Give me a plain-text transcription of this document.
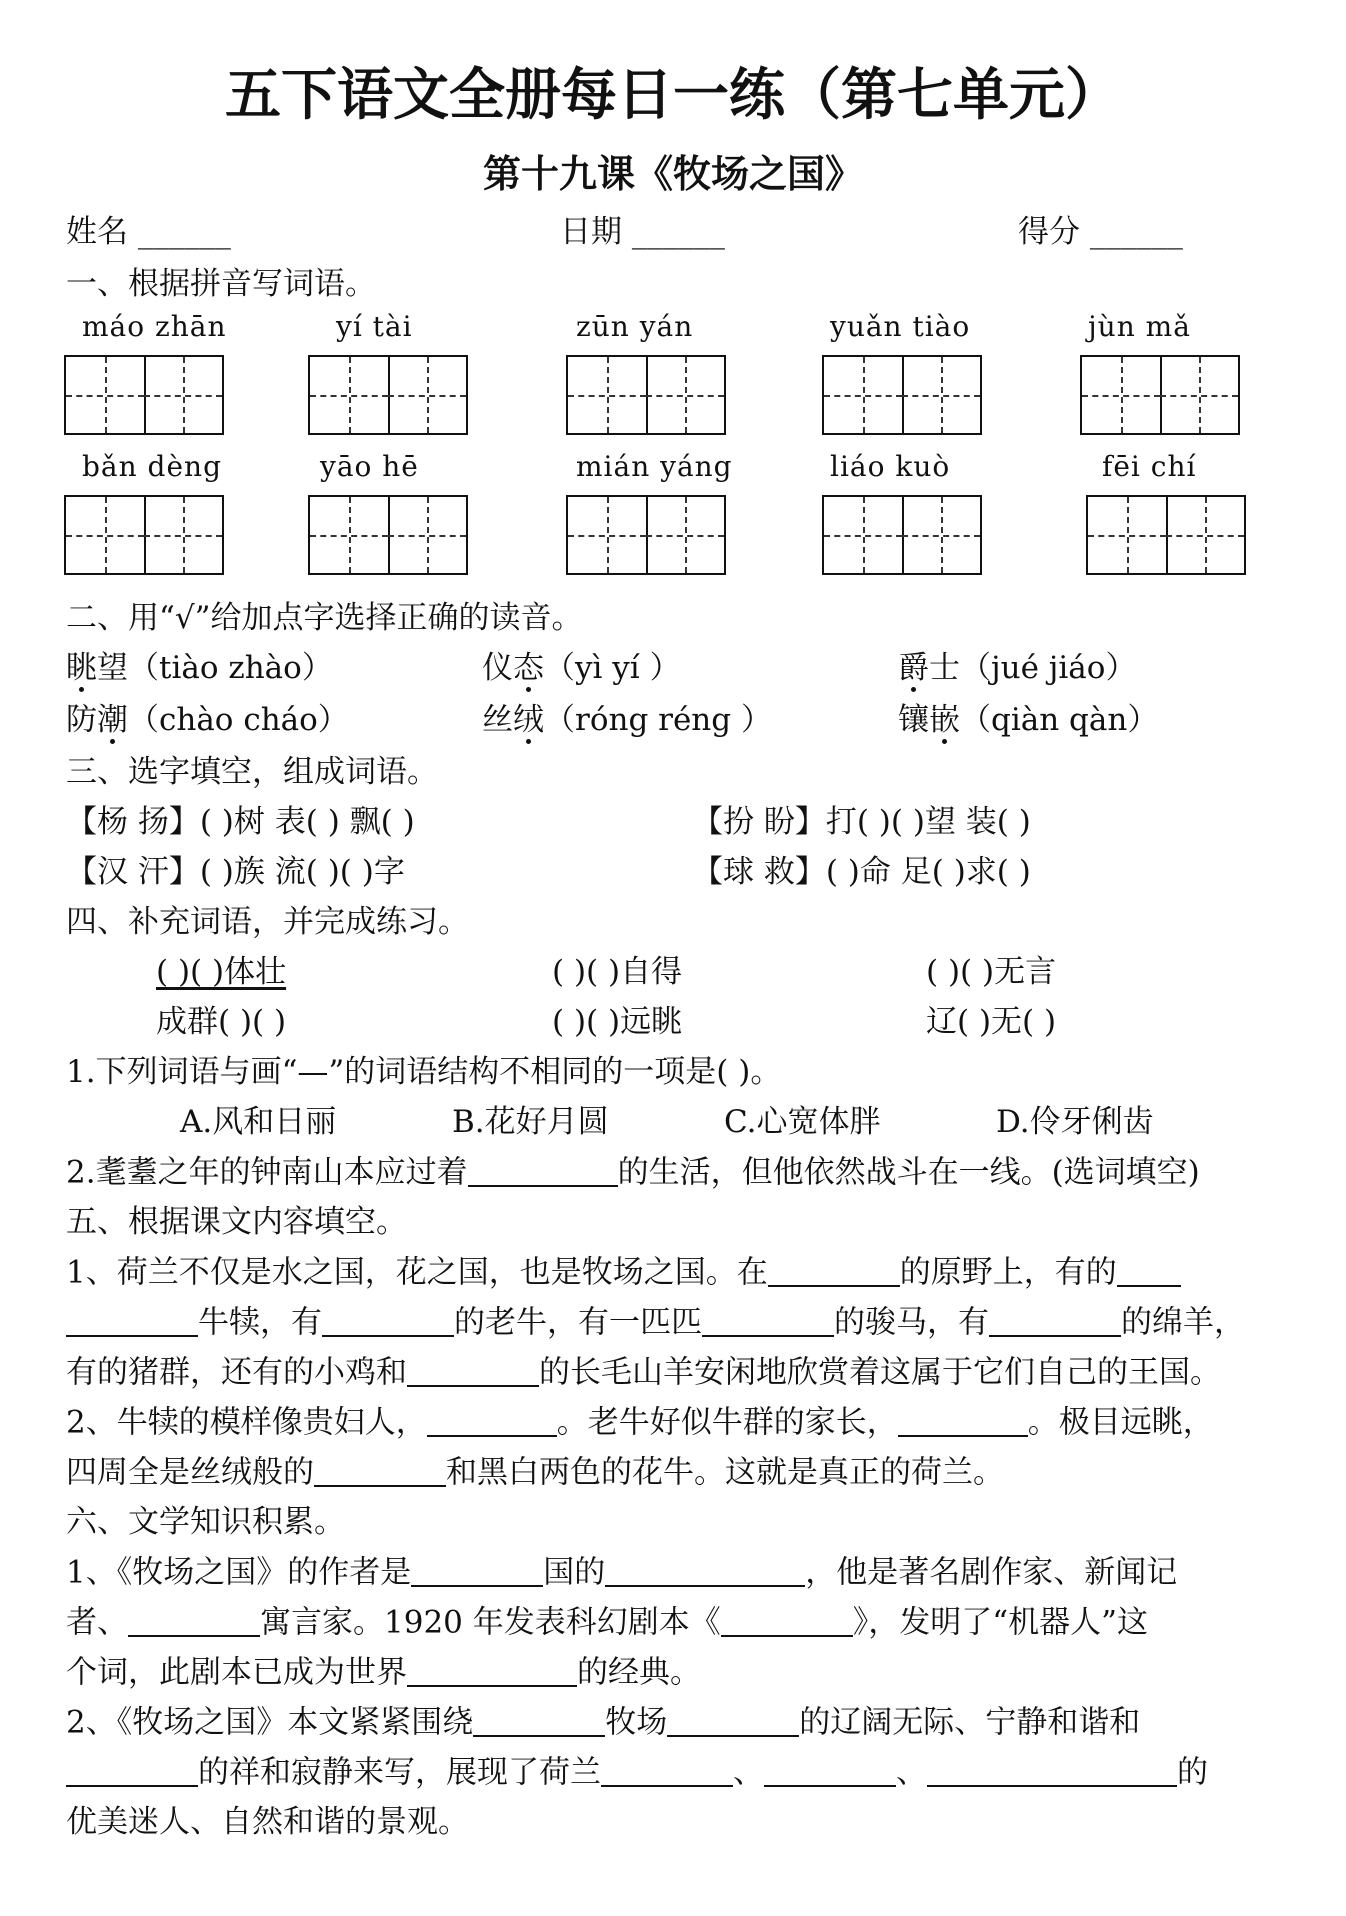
五下语文全册每日一练（第七单元）
第十九课《牧场之国》
姓名 ______	日期 ______	得分 ______
一、根据拼音写词语。
máo zhān	yí tài	zūn yán	yuǎn tiào	jùn mǎ
bǎn dèng	yāo hē	mián yáng	liáo kuò	fēi chí
二、用“√”给加点字选择正确的读音。
眺望（tiào zhào）	仪态（yì yí ）	爵士（jué jiáo）
防潮（chào cháo）	丝绒（róng réng ）	镶嵌（qiàn qàn）
三、选字填空，组成词语。
【杨 扬】( )树 表( ) 飘( )	【扮 盼】打( )( )望 装( )
【汉 汗】( )族 流( )( )字	【球 救】( )命 足( )求( )
四、补充词语，并完成练习。
( )( )体壮	( )( )自得	( )( )无言
成群( )( )	( )( )远眺	辽( )无( )
1.下列词语与画“—”的词语结构不相同的一项是( )。
A.风和日丽	B.花好月圆	C.心宽体胖	D.伶牙俐齿
2.耄耋之年的钟南山本应过着	的生活，但他依然战斗在一线。(选词填空)
五、根据课文内容填空。
1、荷兰不仅是水之国，花之国，也是牧场之国。在	的原野上，有的
牛犊，有	的老牛，有一匹匹	的骏马，有	的绵羊，
有的猪群，还有的小鸡和	的长毛山羊安闲地欣赏着这属于它们自己的王国。
2、牛犊的模样像贵妇人，	。老牛好似牛群的家长，	。极目远眺，
四周全是丝绒般的	和黑白两色的花牛。这就是真正的荷兰。
六、文学知识积累。
1、《牧场之国》的作者是	国的	，他是著名剧作家、新闻记
者、	寓言家。1920 年发表科幻剧本《	》，发明了“机器人”这
个词，此剧本已成为世界	的经典。
2、《牧场之国》本文紧紧围绕	牧场	的辽阔无际、宁静和谐和
的祥和寂静来写，展现了荷兰	、	、	的
优美迷人、自然和谐的景观。
